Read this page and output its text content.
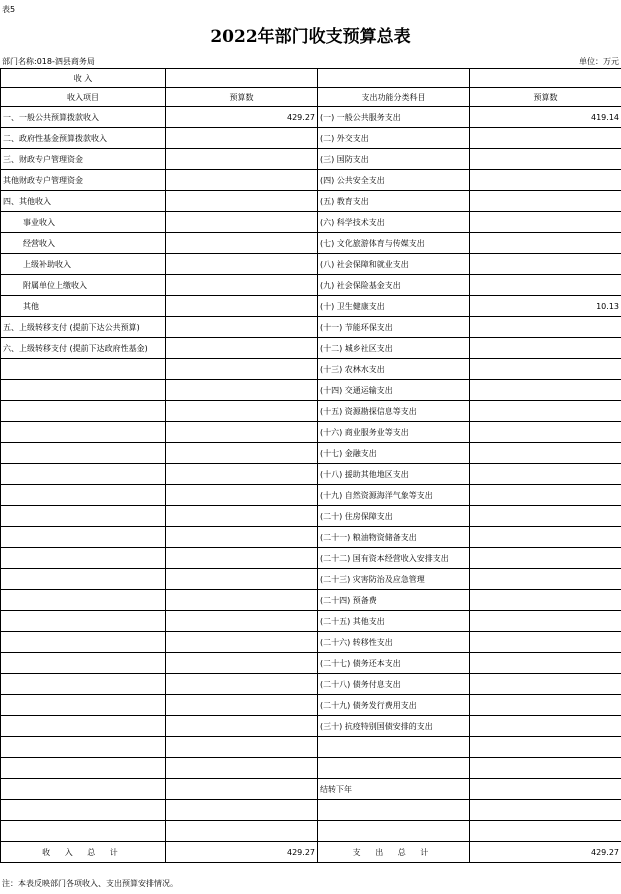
表5
2022年部门收支预算总表
部门名称:018-泗县商务局	单位：万元
收 入			
收入项目	预算数	支出功能分类科目	预算数
一、一般公共预算拨款收入	429.27	(一) 一般公共服务支出	419.14
二、政府性基金预算拨款收入		(二) 外交支出	
三、财政专户管理资金		(三) 国防支出	
其他财政专户管理资金		(四) 公共安全支出	
四、其他收入		(五) 教育支出	
事业收入		(六) 科学技术支出	
经营收入		(七) 文化旅游体育与传媒支出	
上级补助收入		(八) 社会保障和就业支出	
附属单位上缴收入		(九) 社会保险基金支出	
其他		(十) 卫生健康支出	10.13
五、上级转移支付 (提前下达公共预算)		(十一) 节能环保支出	
六、上级转移支付 (提前下达政府性基金)		(十二) 城乡社区支出	
		(十三) 农林水支出	
		(十四) 交通运输支出	
		(十五) 资源勘探信息等支出	
		(十六) 商业服务业等支出	
		(十七) 金融支出	
		(十八) 援助其他地区支出	
		(十九) 自然资源海洋气象等支出	
		(二十) 住房保障支出	
		(二十一) 粮油物资储备支出	
		(二十二) 国有资本经营收入安排支出	
		(二十三) 灾害防治及应急管理	
		(二十四) 预备费	
		(二十五) 其他支出	
		(二十六) 转移性支出	
		(二十七) 债务还本支出	
		(二十八) 债务付息支出	
		(二十九) 债务发行费用支出	
		(三十) 抗疫特别国债安排的支出	

		结转下年	

收 入 总 计	429.27	支 出 总 计	429.27
注：本表反映部门各项收入、支出预算安排情况。
